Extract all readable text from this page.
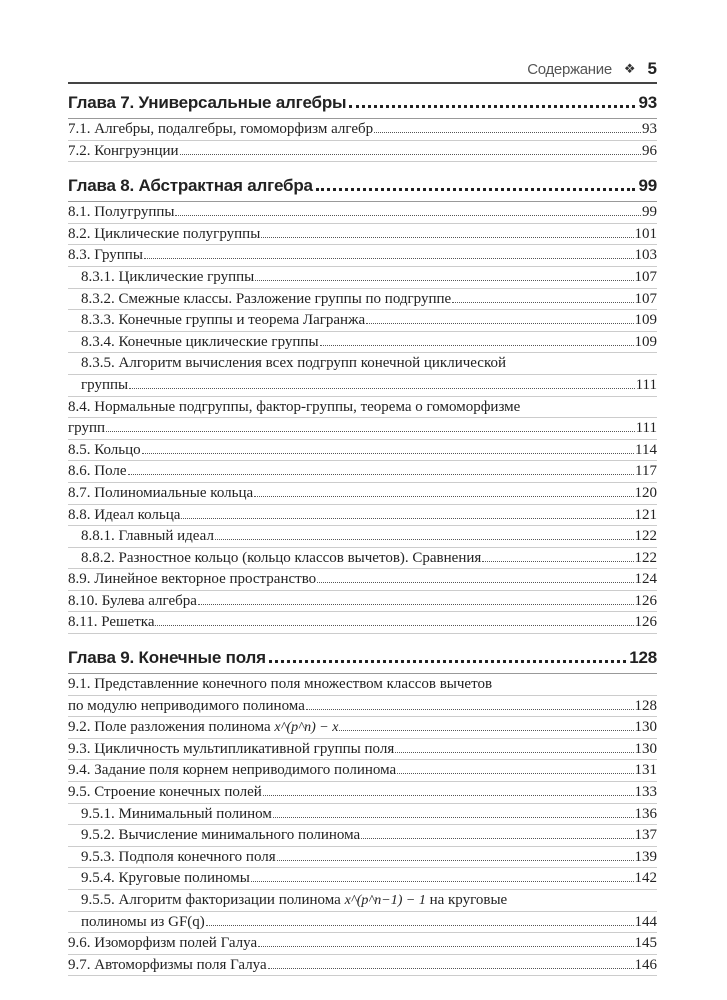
Содержание ❖ 5
Глава 7. Универсальные алгебры	93
7.1. Алгебры, подалгебры, гомоморфизм алгебр	93
7.2. Конгруэнции	96
Глава 8. Абстрактная алгебра	99
8.1. Полугруппы	99
8.2. Циклические полугруппы	101
8.3. Группы	103
8.3.1. Циклические группы	107
8.3.2. Смежные классы. Разложение группы по подгруппе	107
8.3.3. Конечные группы и теорема Лагранжа	109
8.3.4. Конечные циклические группы	109
8.3.5. Алгоритм вычисления всех подгрупп конечной циклической
группы	111
8.4. Нормальные подгруппы, фактор-группы, теорема о гомоморфизме
групп	111
8.5. Кольцо	114
8.6. Поле	117
8.7. Полиномиальные кольца	120
8.8. Идеал кольца	121
8.8.1. Главный идеал	122
8.8.2. Разностное кольцо (кольцо классов вычетов). Сравнения	122
8.9. Линейное векторное пространство	124
8.10. Булева алгебра	126
8.11. Решетка	126
Глава 9. Конечные поля	128
9.1. Представленние конечного поля множеством классов вычетов
по модулю неприводимого полинома	128
9.2. Поле разложения полинома
x^(p^n) − x	130
9.3. Цикличность мультипликативной группы поля	130
9.4. Задание поля корнем неприводимого полинома	131
9.5. Строение конечных полей	133
9.5.1. Минимальный полином	136
9.5.2. Вычисление минимального полинома	137
9.5.3. Подполя конечного поля	139
9.5.4. Круговые полиномы	142
9.5.5. Алгоритм факторизации полинома
x^(p^n−1) − 1
на круговые
полиномы из GF(q)	144
9.6. Изоморфизм полей Галуа	145
9.7. Автоморфизмы поля Галуа	146
